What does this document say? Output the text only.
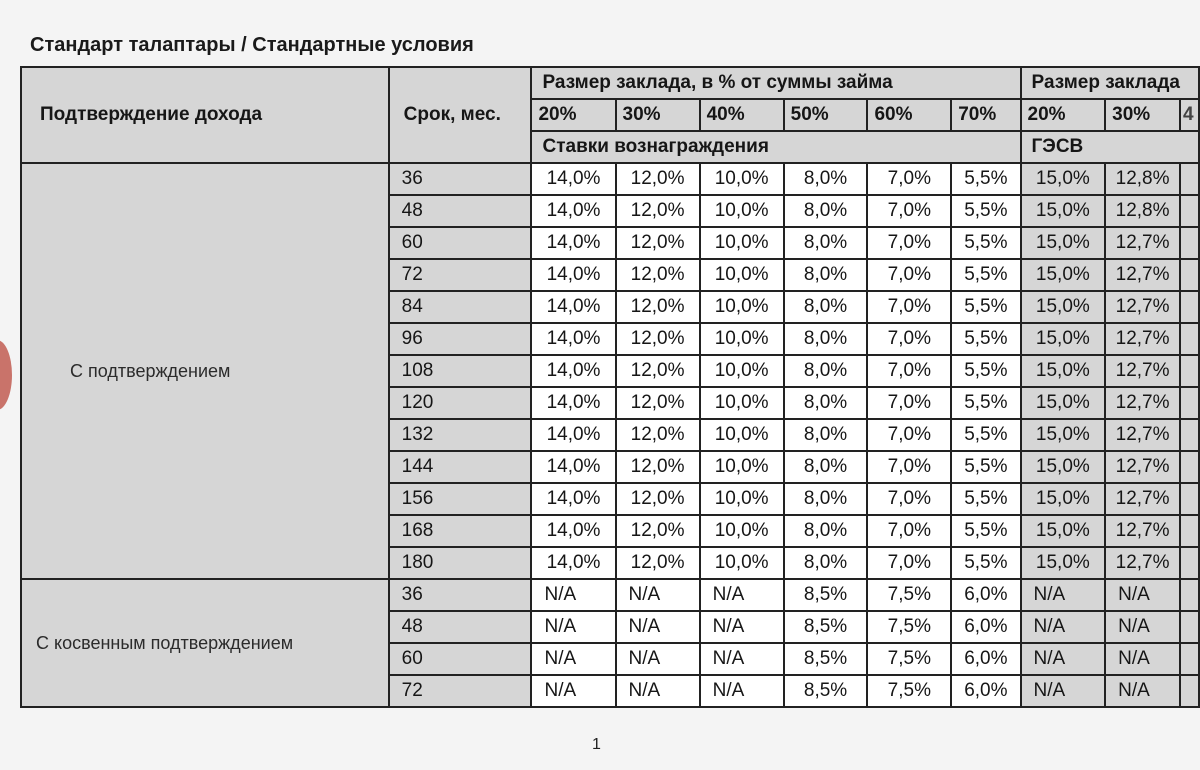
Стандарт талаптары / Стандартные условия
Подтверждение дохода	Срок, мес.	Размер заклада, в % от суммы займа						Размер заклада		
		20%	30%	40%	50%	60%	70%	20%	30%	4
		Ставки вознаграждения						ГЭСВ		
С подтверждением	36	14,0%	12,0%	10,0%	8,0%	7,0%	5,5%	15,0%	12,8%	
	48	14,0%	12,0%	10,0%	8,0%	7,0%	5,5%	15,0%	12,8%	
	60	14,0%	12,0%	10,0%	8,0%	7,0%	5,5%	15,0%	12,7%	
	72	14,0%	12,0%	10,0%	8,0%	7,0%	5,5%	15,0%	12,7%	
	84	14,0%	12,0%	10,0%	8,0%	7,0%	5,5%	15,0%	12,7%	
	96	14,0%	12,0%	10,0%	8,0%	7,0%	5,5%	15,0%	12,7%	
	108	14,0%	12,0%	10,0%	8,0%	7,0%	5,5%	15,0%	12,7%	
	120	14,0%	12,0%	10,0%	8,0%	7,0%	5,5%	15,0%	12,7%	
	132	14,0%	12,0%	10,0%	8,0%	7,0%	5,5%	15,0%	12,7%	
	144	14,0%	12,0%	10,0%	8,0%	7,0%	5,5%	15,0%	12,7%	
	156	14,0%	12,0%	10,0%	8,0%	7,0%	5,5%	15,0%	12,7%	
	168	14,0%	12,0%	10,0%	8,0%	7,0%	5,5%	15,0%	12,7%	
	180	14,0%	12,0%	10,0%	8,0%	7,0%	5,5%	15,0%	12,7%	
С косвенным подтверждением	36	N/A	N/A	N/A	8,5%	7,5%	6,0%	N/A	N/A	
	48	N/A	N/A	N/A	8,5%	7,5%	6,0%	N/A	N/A	
	60	N/A	N/A	N/A	8,5%	7,5%	6,0%	N/A	N/A	
	72	N/A	N/A	N/A	8,5%	7,5%	6,0%	N/A	N/A	
1
